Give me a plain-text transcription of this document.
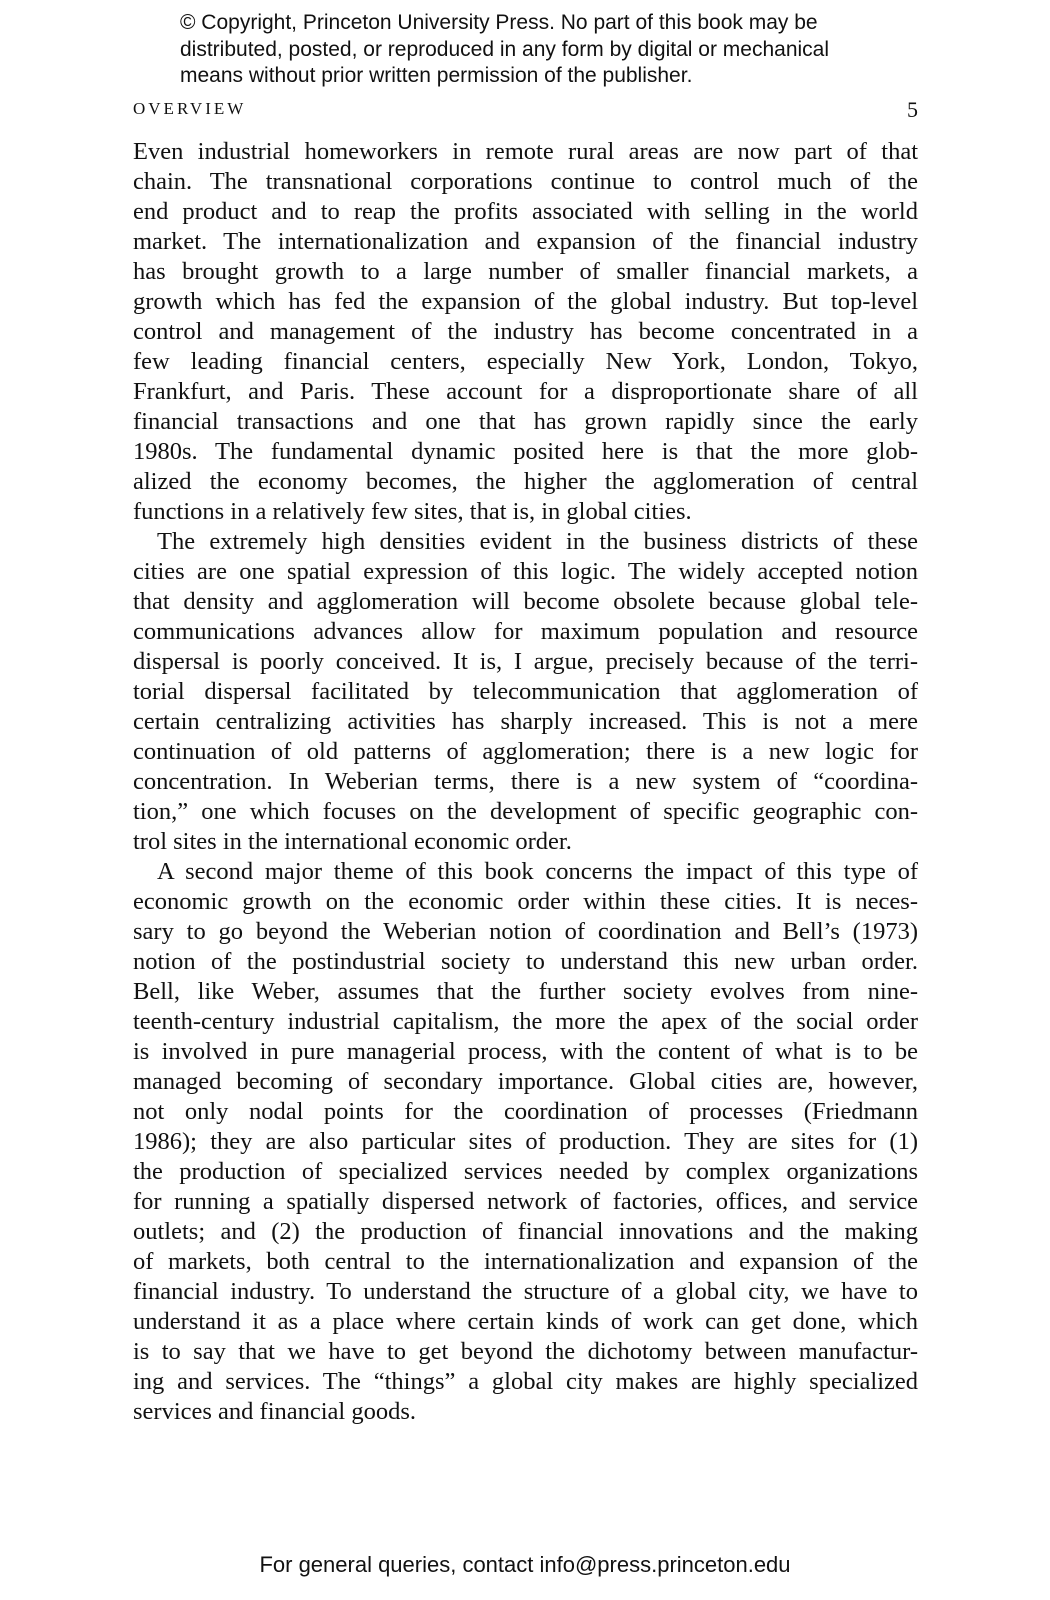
© Copyright, Princeton University Press. No part of this book may be
distributed, posted, or reproduced in any form by digital or mechanical
means without prior written permission of the publisher.
OVERVIEW	5
Even industrial homeworkers in remote rural areas are now part of that
chain. The transnational corporations continue to control much of the
end product and to reap the profits associated with selling in the world
market. The internationalization and expansion of the financial industry
has brought growth to a large number of smaller financial markets, a
growth which has fed the expansion of the global industry. But top-level
control and management of the industry has become concentrated in a
few leading financial centers, especially New York, London, Tokyo,
Frankfurt, and Paris. These account for a disproportionate share of all
financial transactions and one that has grown rapidly since the early
1980s. The fundamental dynamic posited here is that the more glob-
alized the economy becomes, the higher the agglomeration of central
functions in a relatively few sites, that is, in global cities.
The extremely high densities evident in the business districts of these
cities are one spatial expression of this logic. The widely accepted notion
that density and agglomeration will become obsolete because global tele-
communications advances allow for maximum population and resource
dispersal is poorly conceived. It is, I argue, precisely because of the terri-
torial dispersal facilitated by telecommunication that agglomeration of
certain centralizing activities has sharply increased. This is not a mere
continuation of old patterns of agglomeration; there is a new logic for
concentration. In Weberian terms, there is a new system of “coordina-
tion,” one which focuses on the development of specific geographic con-
trol sites in the international economic order.
A second major theme of this book concerns the impact of this type of
economic growth on the economic order within these cities. It is neces-
sary to go beyond the Weberian notion of coordination and Bell’s (1973)
notion of the postindustrial society to understand this new urban order.
Bell, like Weber, assumes that the further society evolves from nine-
teenth-century industrial capitalism, the more the apex of the social order
is involved in pure managerial process, with the content of what is to be
managed becoming of secondary importance. Global cities are, however,
not only nodal points for the coordination of processes (Friedmann
1986); they are also particular sites of production. They are sites for (1)
the production of specialized services needed by complex organizations
for running a spatially dispersed network of factories, offices, and service
outlets; and (2) the production of financial innovations and the making
of markets, both central to the internationalization and expansion of the
financial industry. To understand the structure of a global city, we have to
understand it as a place where certain kinds of work can get done, which
is to say that we have to get beyond the dichotomy between manufactur-
ing and services. The “things” a global city makes are highly specialized
services and financial goods.
For general queries, contact info@press.princeton.edu
